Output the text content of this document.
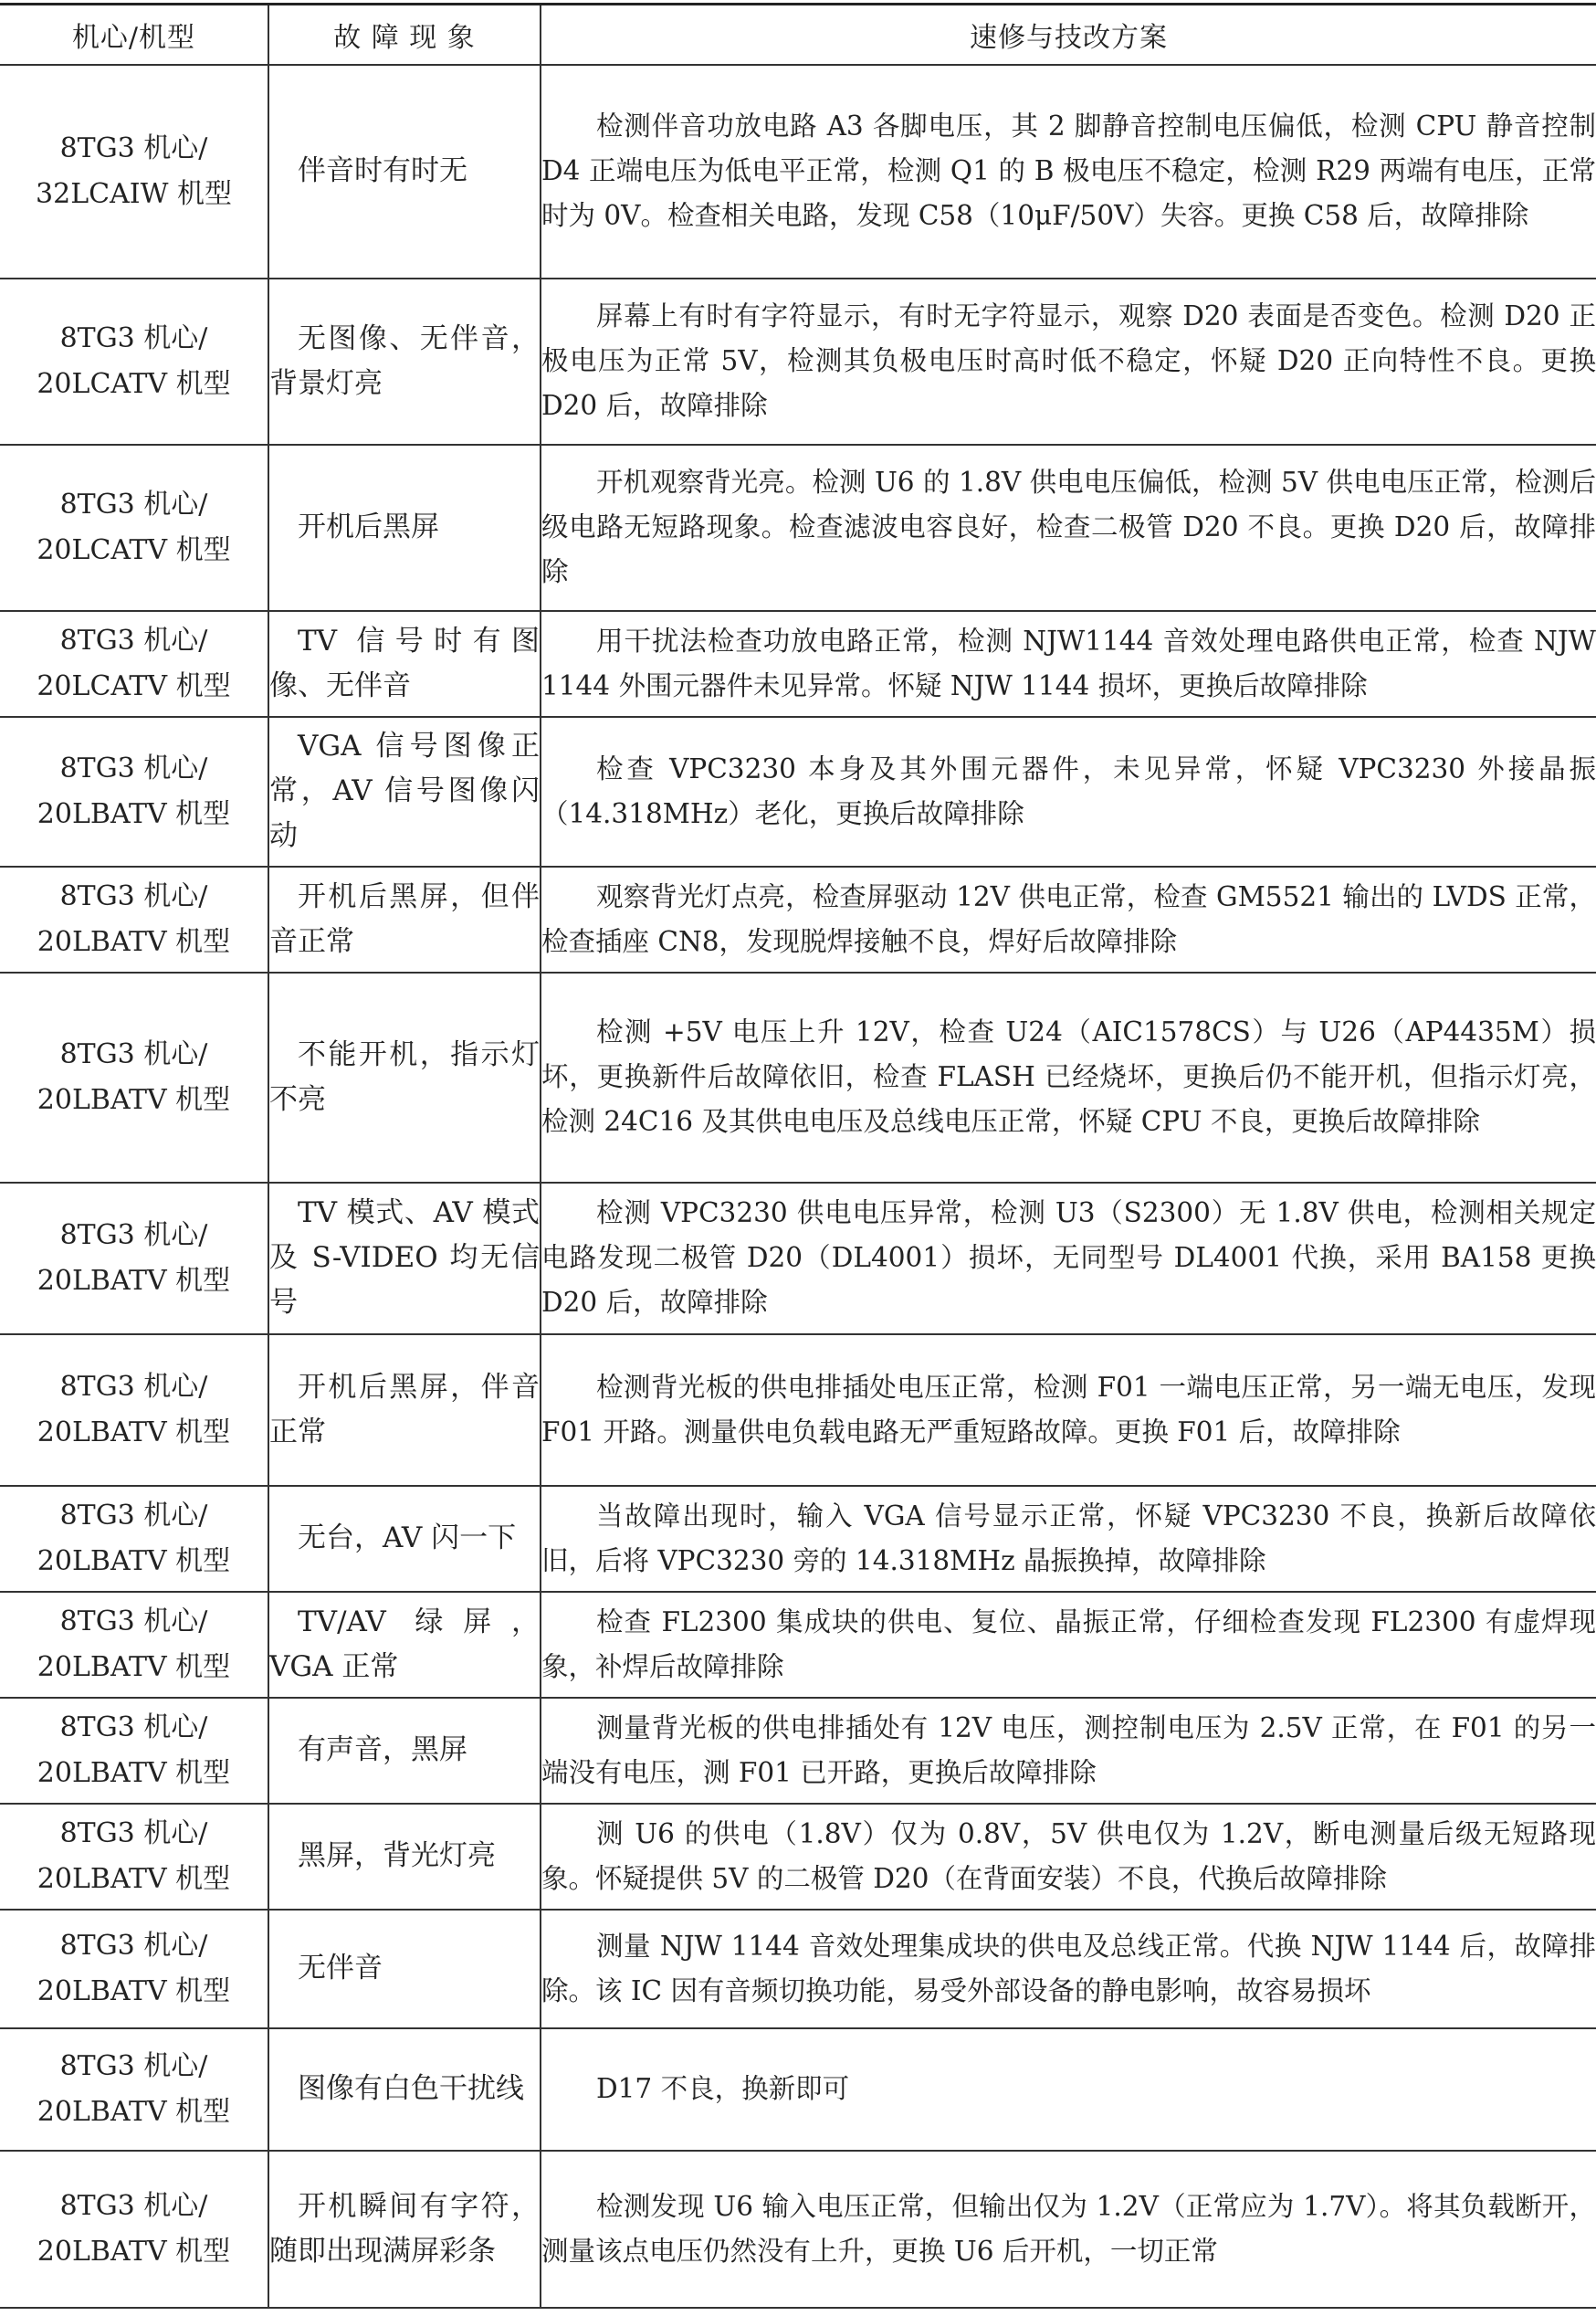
机心/机型	故 障 现 象	速修与技改方案

8TG3 机心/
32LCAIW 机型	伴音时有时无	检测伴音功放电路 A3 各脚电压，其 2 脚静音控制电压偏低，检测 CPU 静音控制 D4 正端电压为低电平正常，检测 Q1 的 B 极电压不稳定，检测 R29 两端有电压，正常时为 0V。检查相关电路，发现 C58（10μF/50V）失容。更换 C58 后，故障排除

8TG3 机心/
20LCATV 机型	无图像、无伴音，背景灯亮	屏幕上有时有字符显示，有时无字符显示，观察 D20 表面是否变色。检测 D20 正极电压为正常 5V，检测其负极电压时高时低不稳定，怀疑 D20 正向特性不良。更换 D20 后，故障排除

8TG3 机心/
20LCATV 机型	开机后黑屏	开机观察背光亮。检测 U6 的 1.8V 供电电压偏低，检测 5V 供电电压正常，检测后级电路无短路现象。检查滤波电容良好，检查二极管 D20 不良。更换 D20 后，故障排除

8TG3 机心/
20LCATV 机型	TV 信号时有图像、无伴音	用干扰法检查功放电路正常，检测 NJW1144 音效处理电路供电正常，检查 NJW 1144 外围元器件未见异常。怀疑 NJW 1144 损坏，更换后故障排除

8TG3 机心/
20LBATV 机型	VGA 信号图像正常，AV 信号图像闪动	检查 VPC3230 本身及其外围元器件，未见异常，怀疑 VPC3230 外接晶振（14.318MHz）老化，更换后故障排除

8TG3 机心/
20LBATV 机型	开机后黑屏，但伴音正常	观察背光灯点亮，检查屏驱动 12V 供电正常，检查 GM5521 输出的 LVDS 正常，检查插座 CN8，发现脱焊接触不良，焊好后故障排除

8TG3 机心/
20LBATV 机型	不能开机，指示灯不亮	检测 +5V 电压上升 12V，检查 U24（AIC1578CS）与 U26（AP4435M）损坏，更换新件后故障依旧，检查 FLASH 已经烧坏，更换后仍不能开机，但指示灯亮，检测 24C16 及其供电电压及总线电压正常，怀疑 CPU 不良，更换后故障排除

8TG3 机心/
20LBATV 机型	TV 模式、AV 模式及 S-VIDEO 均无信号	检测 VPC3230 供电电压异常，检测 U3（S2300）无 1.8V 供电，检测相关规定电路发现二极管 D20（DL4001）损坏，无同型号 DL4001 代换，采用 BA158 更换 D20 后，故障排除

8TG3 机心/
20LBATV 机型	开机后黑屏，伴音正常	检测背光板的供电排插处电压正常，检测 F01 一端电压正常，另一端无电压，发现 F01 开路。测量供电负载电路无严重短路故障。更换 F01 后，故障排除

8TG3 机心/
20LBATV 机型	无台，AV 闪一下	当故障出现时，输入 VGA 信号显示正常，怀疑 VPC3230 不良，换新后故障依旧，后将 VPC3230 旁的 14.318MHz 晶振换掉，故障排除

8TG3 机心/
20LBATV 机型	TV/AV 绿屏，VGA 正常	检查 FL2300 集成块的供电、复位、晶振正常，仔细检查发现 FL2300 有虚焊现象，补焊后故障排除

8TG3 机心/
20LBATV 机型	有声音，黑屏	测量背光板的供电排插处有 12V 电压，测控制电压为 2.5V 正常，在 F01 的另一端没有电压，测 F01 已开路，更换后故障排除

8TG3 机心/
20LBATV 机型	黑屏，背光灯亮	测 U6 的供电（1.8V）仅为 0.8V，5V 供电仅为 1.2V，断电测量后级无短路现象。怀疑提供 5V 的二极管 D20（在背面安装）不良，代换后故障排除

8TG3 机心/
20LBATV 机型	无伴音	测量 NJW 1144 音效处理集成块的供电及总线正常。代换 NJW 1144 后，故障排除。该 IC 因有音频切换功能，易受外部设备的静电影响，故容易损坏

8TG3 机心/
20LBATV 机型	图像有白色干扰线	D17 不良，换新即可

8TG3 机心/
20LBATV 机型	开机瞬间有字符，随即出现满屏彩条	检测发现 U6 输入电压正常，但输出仅为 1.2V（正常应为 1.7V）。将其负载断开，测量该点电压仍然没有上升，更换 U6 后开机，一切正常
